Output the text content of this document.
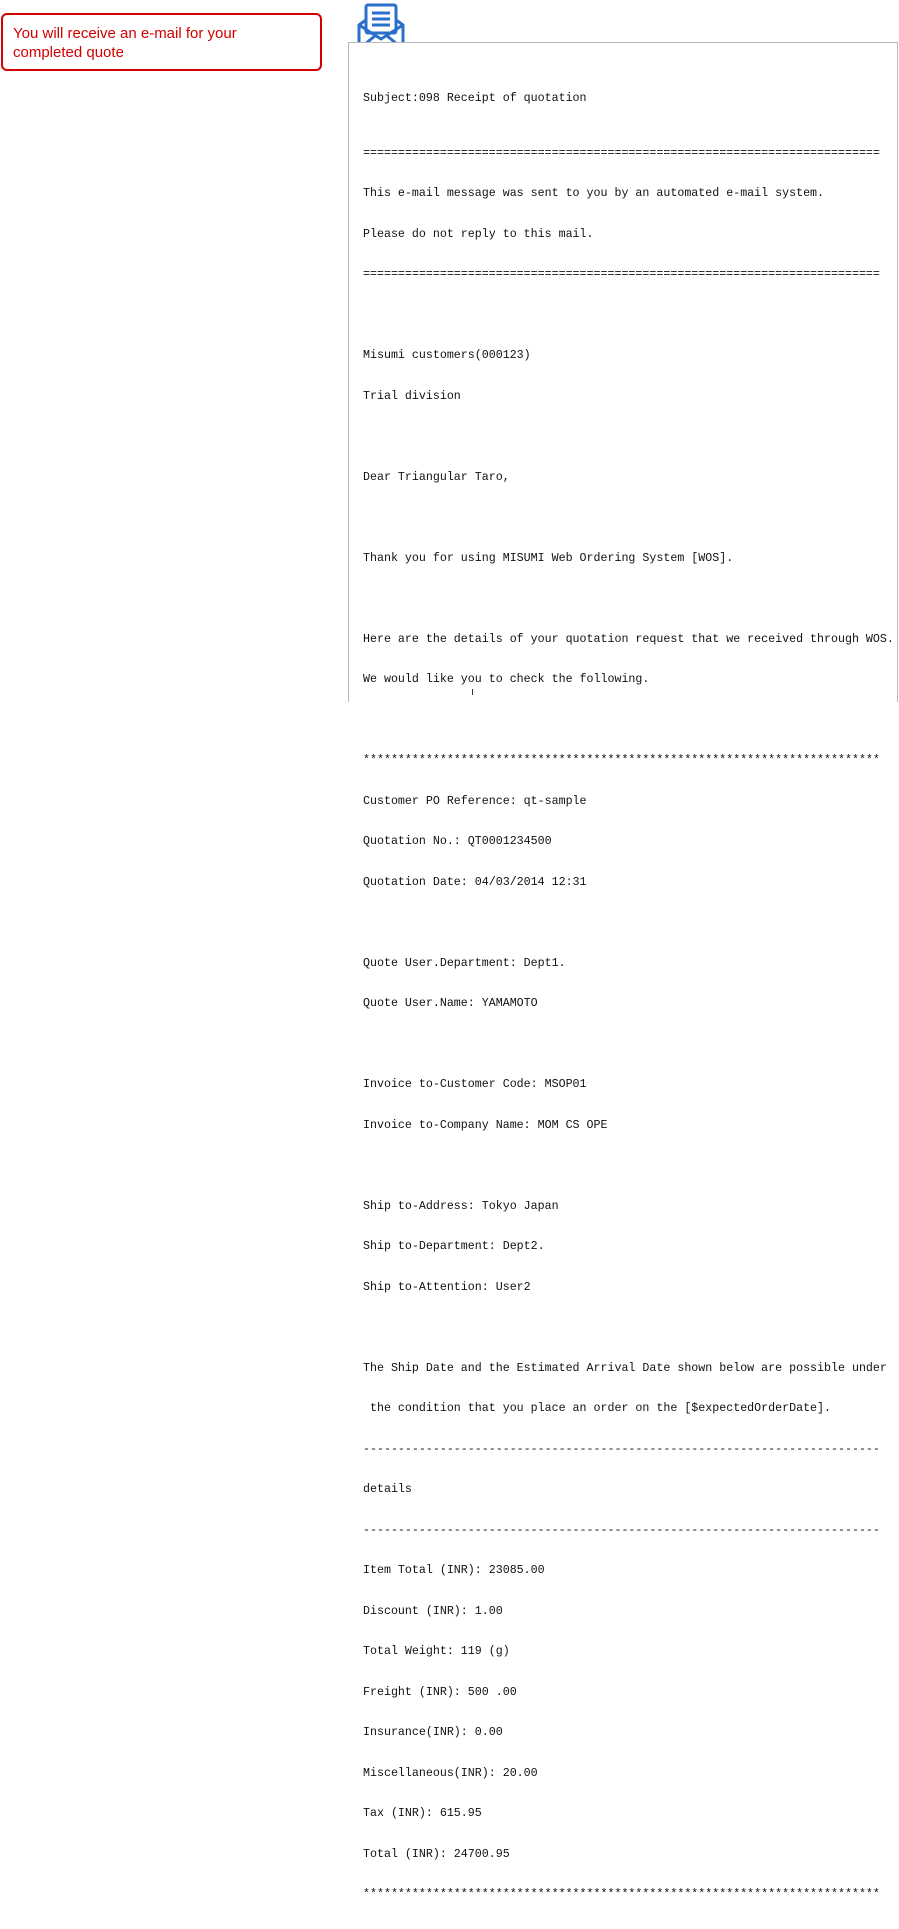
You will receive an e-mail for your
completed quote

Subject:098 Receipt of quotation

==========================================================================

This e-mail message was sent to you by an automated e-mail system.

Please do not reply to this mail.

==========================================================================

Misumi customers(000123)

Trial division

Dear Triangular Taro,

Thank you for using MISUMI Web Ordering System [WOS].

Here are the details of your quotation request that we received through WOS.

We would like you to check the following.

**************************************************************************

Customer PO Reference: qt-sample

Quotation No.: QT0001234500

Quotation Date: 04/03/2014 12:31

Quote User.Department: Dept1.

Quote User.Name: YAMAMOTO

Invoice to-Customer Code: MSOP01

Invoice to-Company Name: MOM CS OPE

Ship to-Address: Tokyo Japan

Ship to-Department: Dept2.

Ship to-Attention: User2

The Ship Date and the Estimated Arrival Date shown below are possible under

the condition that you place an order on the [$expectedOrderDate].

--------------------------------------------------------------------------

details

--------------------------------------------------------------------------

Item Total (INR): 23085.00

Discount (INR): 1.00

Total Weight: 119 (g)

Freight (INR): 500 .00

Insurance(INR): 0.00

Miscellaneous(INR): 20.00

Tax (INR): 615.95

Total (INR): 24700.95

**************************************************************************
